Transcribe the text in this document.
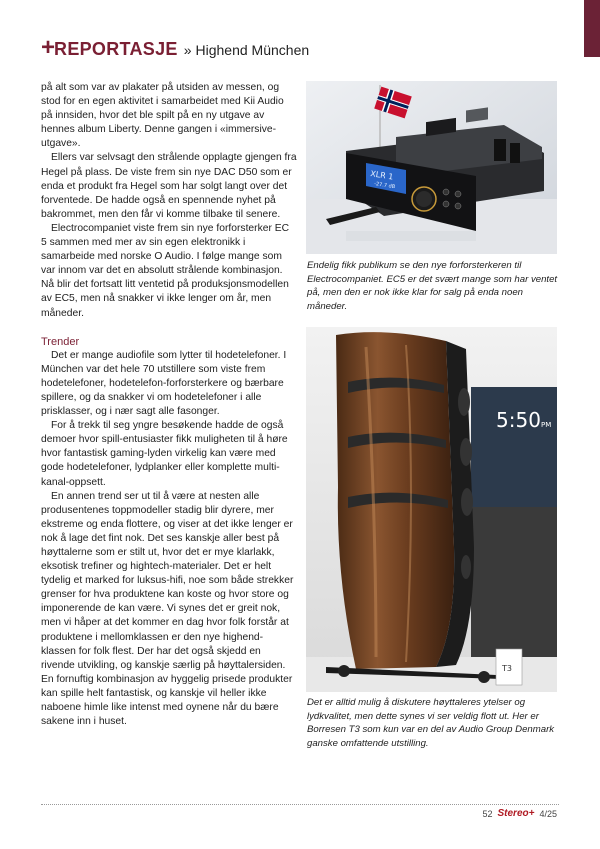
+ REPORTASJE » Highend München

på alt som var av plakater på utsiden av messen, og stod for en egen aktivitet i samarbeidet med Kii Audio på innsiden, hvor det ble spilt på en ny utgave av hennes album Liberty. Denne gangen i «immersive-utgave».

Ellers var selvsagt den strålende opplagte gjengen fra Hegel på plass. De viste frem sin nye DAC D50 som er enda et produkt fra Hegel som har solgt langt over det forventede. De hadde også en spennende nyhet på bakrommet, men den får vi komme tilbake til senere.

Electrocompaniet viste frem sin nye forforsterker EC 5 sammen med mer av sin egen elektronikk i samarbeide med norske O Audio. I følge mange som var innom var det en absolutt strålende kombinasjon. Nå blir det fortsatt litt ventetid på produksjonsmodellen av EC5, men nå snakker vi ikke lenger om år, men måneder.

Trender

Det er mange audiofile som lytter til hodetelefoner. I München var det hele 70 utstillere som viste frem hodetelefoner, hodetelefon-forforsterkere og bærbare spillere, og da snakker vi om hodetelefoner i alle prisklasser, og i nær sagt alle fasonger.

For å trekk til seg yngre besøkende hadde de også demoer hvor spill-entusiaster fikk muligheten til å høre hvor fantastisk gaming-lyden virkelig kan være med gode hodetelefoner, lydplanker eller komplette multi-kanal-oppsett.

En annen trend ser ut til å være at nesten alle produsentenes toppmodeller stadig blir dyrere, mer ekstreme og enda flottere, og viser at det ikke lenger er nok å lage det fint nok. Det ses kanskje aller best på høyttalerne som er stilt ut, hvor det er mye klarlakk, eksotisk trefiner og hightech-materialer. Det er helt tydelig et marked for luksus-hifi, noe som både strekker grenser for hva produktene kan koste og hvor store og imponerende de kan være. Vi synes det er greit nok, men vi håper at det kommer en dag hvor folk forstår at produktene i mellomklassen er den nye highend-klassen for folk flest. Der har det også skjedd en rivende utvikling, og kanskje særlig på høyttalersiden. En fornuftig kombinasjon av hyggelig prisede produkter kan spille helt fantastisk, og kanskje vil heller ikke naboene himle like intenst med oynene når du bære sakene inn i huset.

XLR 1
-27.7 dB
Endelig fikk publikum se den nye forforsterkeren til Electrocompaniet. EC5 er det svært mange som har ventet på, men den er nok ikke klar for salg på enda noen måneder.
5:50 PM
T3
Det er alltid mulig å diskutere høyttaleres ytelser og lydkvalitet, men dette synes vi ser veldig flott ut. Her er Borresen T3 som kun var en del av Audio Group Denmark ganske omfattende utstilling.
52 Stereo+ 4/25
